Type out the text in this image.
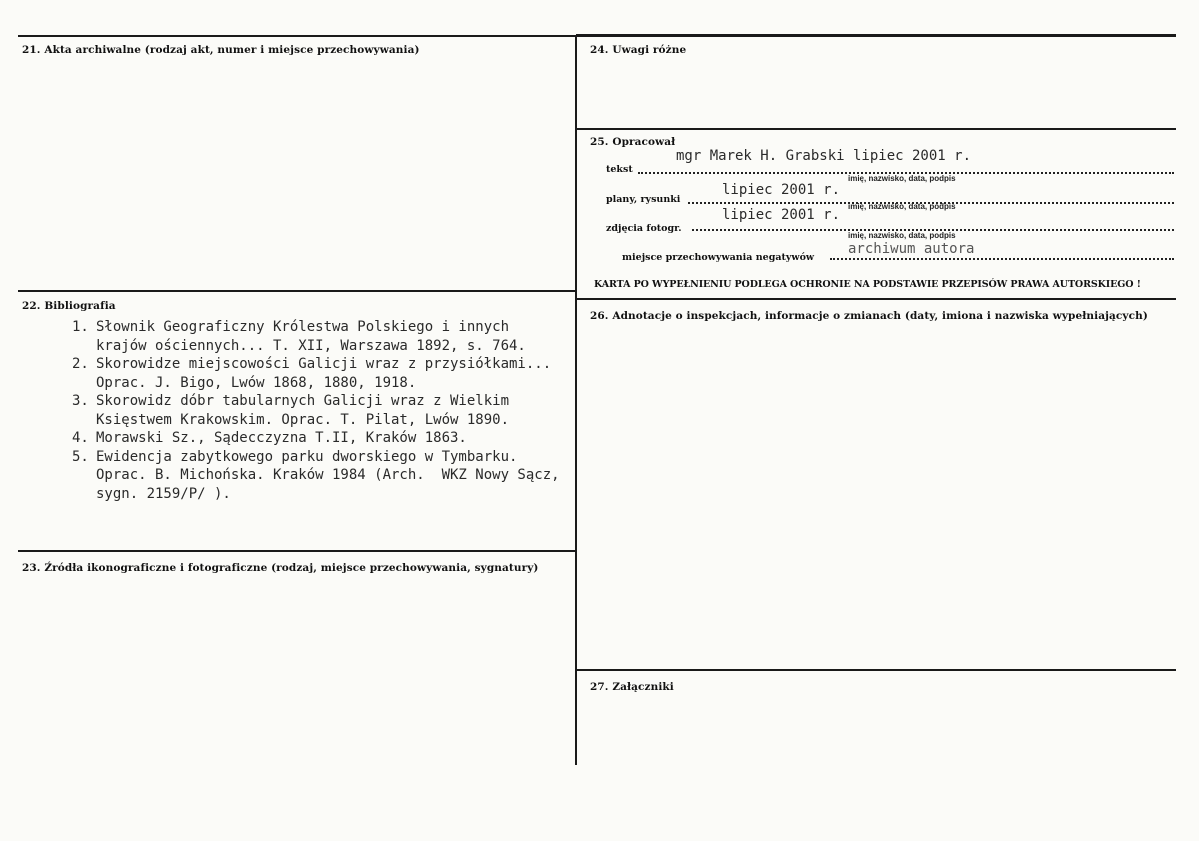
21. Akta archiwalne (rodzaj akt, numer i miejsce przechowywania)
22. Bibliografia
1. Słownik Geograficzny Królestwa Polskiego i innych
krajów ościennych... T. XII, Warszawa 1892, s. 764.
2. Skorowidze miejscowości Galicji wraz z przysiółkami...
Oprac. J. Bigo, Lwów 1868, 1880, 1918.
3. Skorowidz dóbr tabularnych Galicji wraz z Wielkim
Księstwem Krakowskim. Oprac. T. Pilat, Lwów 1890.
4. Morawski Sz., Sądecczyzna T.II, Kraków 1863.
5. Ewidencja zabytkowego parku dworskiego w Tymbarku.
Oprac. B. Michońska. Kraków 1984 (Arch.  WKZ Nowy Sącz,
sygn. 2159/P/ ).
23. Źródła ikonograficzne i fotograficzne (rodzaj, miejsce przechowywania, sygnatury)
24. Uwagi różne
25. Opracował
mgr Marek H. Grabski lipiec 2001 r.
tekst
imię, nazwisko, data, podpis
lipiec 2001 r.
plany, rysunki
imię, nazwisko, data, podpis
lipiec 2001 r.
zdjęcia fotogr.
imię, nazwisko, data, podpis
archiwum autora
miejsce przechowywania negatywów
KARTA PO WYPEŁNIENIU PODLEGA OCHRONIE NA PODSTAWIE PRZEPISÓW PRAWA AUTORSKIEGO !
26. Adnotacje o inspekcjach, informacje o zmianach (daty, imiona i nazwiska wypełniających)
27. Załączniki
